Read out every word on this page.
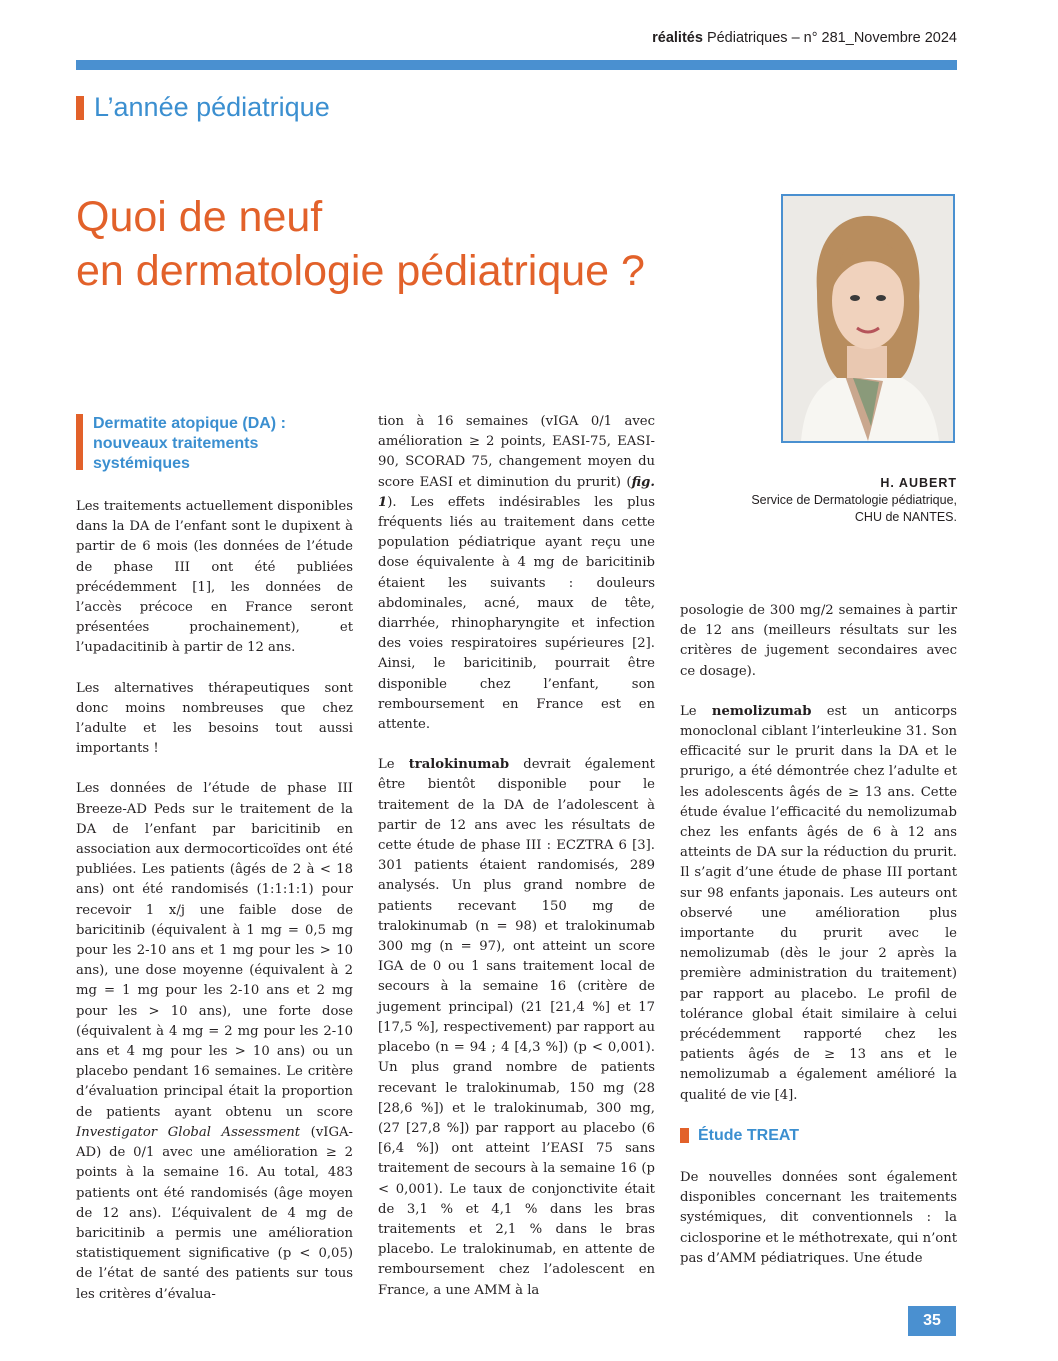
réalités Pédiatriques – n° 281_Novembre 2024
L’année pédiatrique
Quoi de neuf
en dermatologie pédiatrique ?
H. AUBERT
Service de Dermatologie pédiatrique,
CHU de NANTES.
Dermatite atopique (DA) : nouveaux traitements systémiques

Les traitements actuellement disponibles dans la DA de l’enfant sont le dupixent à partir de 6 mois (les données de l’étude de phase III ont été publiées précédemment [1], les données de l’accès précoce en France seront présentées prochainement), et l’upadacitinib à partir de 12 ans.

Les alternatives thérapeutiques sont donc moins nombreuses que chez l’adulte et les besoins tout aussi importants !

Les données de l’étude de phase III Breeze-AD Peds sur le traitement de la DA de l’enfant par baricitinib en association aux dermocorticoïdes ont été publiées. Les patients (âgés de 2 à < 18 ans) ont été randomisés (1:1:1:1) pour recevoir 1 x/j une faible dose de baricitinib (équivalent à 1 mg = 0,5 mg pour les 2-10 ans et 1 mg pour les > 10 ans), une dose moyenne (équivalent à 2 mg = 1 mg pour les 2-10 ans et 2 mg pour les > 10 ans), une forte dose (équivalent à 4 mg = 2 mg pour les 2-10 ans et 4 mg pour les > 10 ans) ou un placebo pendant 16 semaines. Le critère d’évaluation principal était la proportion de patients ayant obtenu un score Investigator Global Assessment (vIGA-AD) de 0/1 avec une amélioration ≥ 2 points à la semaine 16. Au total, 483 patients ont été randomisés (âge moyen de 12 ans). L’équivalent de 4 mg de baricitinib a permis une amélioration statistiquement significative (p < 0,05) de l’état de santé des patients sur tous les critères d’évalua-

tion à 16 semaines (vIGA 0/1 avec amélioration ≥ 2 points, EASI-75, EASI-90, SCORAD 75, changement moyen du score EASI et diminution du prurit) (fig. 1). Les effets indésirables les plus fréquents liés au traitement dans cette population pédiatrique ayant reçu une dose équivalente à 4 mg de baricitinib étaient les suivants : douleurs abdominales, acné, maux de tête, diarrhée, rhinopharyngite et infection des voies respiratoires supérieures [2]. Ainsi, le baricitinib, pourrait être disponible chez l’enfant, son remboursement en France est en attente.

Le tralokinumab devrait également être bientôt disponible pour le traitement de la DA de l’adolescent à partir de 12 ans avec les résultats de cette étude de phase III : ECZTRA 6 [3]. 301 patients étaient randomisés, 289 analysés. Un plus grand nombre de patients recevant 150 mg de tralokinumab (n = 98) et tralokinumab 300 mg (n = 97), ont atteint un score IGA de 0 ou 1 sans traitement local de secours à la semaine 16 (critère de jugement principal) (21 [21,4 %] et 17 [17,5 %], respectivement) par rapport au placebo (n = 94 ; 4 [4,3 %]) (p < 0,001). Un plus grand nombre de patients recevant le tralokinumab, 150 mg (28 [28,6 %]) et le tralokinumab, 300 mg, (27 [27,8 %]) par rapport au placebo (6 [6,4 %]) ont atteint l’EASI 75 sans traitement de secours à la semaine 16 (p < 0,001). Le taux de conjonctivite était de 3,1 % et 4,1 % dans les bras traitements et 2,1 % dans le bras placebo. Le tralokinumab, en attente de remboursement chez l’adolescent en France, a une AMM à la

posologie de 300 mg/2 semaines à partir de 12 ans (meilleurs résultats sur les critères de jugement secondaires avec ce dosage).

Le nemolizumab est un anticorps monoclonal ciblant l’interleukine 31. Son efficacité sur le prurit dans la DA et le prurigo, a été démontrée chez l’adulte et les adolescents âgés de ≥ 13 ans. Cette étude évalue l’efficacité du nemolizumab chez les enfants âgés de 6 à 12 ans atteints de DA sur la réduction du prurit. Il s’agit d’une étude de phase III portant sur 98 enfants japonais. Les auteurs ont observé une amélioration plus importante du prurit avec le nemolizumab (dès le jour 2 après la première administration du traitement) par rapport au placebo. Le profil de tolérance global était similaire à celui précédemment rapporté chez les patients âgés de ≥ 13 ans et le nemolizumab a également amélioré la qualité de vie [4].

Étude TREAT

De nouvelles données sont également disponibles concernant les traitements systémiques, dit conventionnels : la ciclosporine et le méthotrexate, qui n’ont pas d’AMM pédiatriques. Une étude

35
